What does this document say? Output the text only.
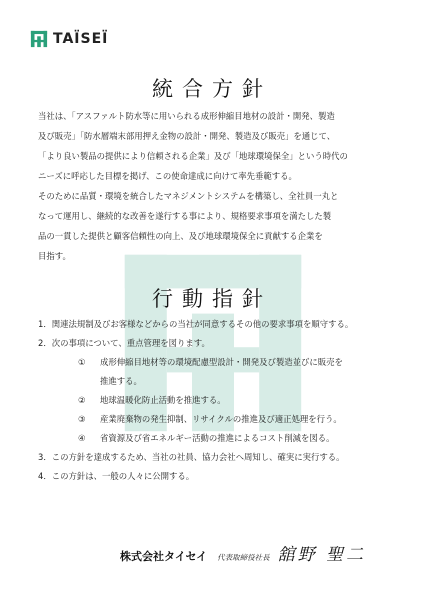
TAÏSEÏ
統合方針
当社は、「アスファルト防水等に用いられる成形伸縮目地材の設計・開発、製造
及び販売」「防水層端末部用押え金物の設計・開発、製造及び販売」を通じて、
「より良い製品の提供により信頼される企業」及び「地球環境保全」という時代の
ニーズに呼応した目標を掲げ、この使命達成に向けて率先垂範する。
そのために品質・環境を統合したマネジメントシステムを構築し、全社員一丸と
なって運用し、継続的な改善を遂行する事により、規格要求事項を満たした製
品の一貫した提供と顧客信頼性の向上、及び地球環境保全に貢献する企業を
目指す。
行動指針
1．関連法規制及びお客様などからの当社が同意するその他の要求事項を順守する。
2．次の事項について、重点管理を図ります。
① 成形伸縮目地材等の環境配慮型設計・開発及び製造並びに販売を
推進する。
② 地球温暖化防止活動を推進する。
③ 産業廃棄物の発生抑制、リサイクルの推進及び適正処理を行う。
④ 省資源及び省エネルギー活動の推進によるコスト削減を図る。
3．この方針を達成するため、当社の社員、協力会社へ周知し、確実に実行する。
4．この方針は、一般の人々に公開する。
株式会社タイセイ 代表取締役社長 舘野 聖二
